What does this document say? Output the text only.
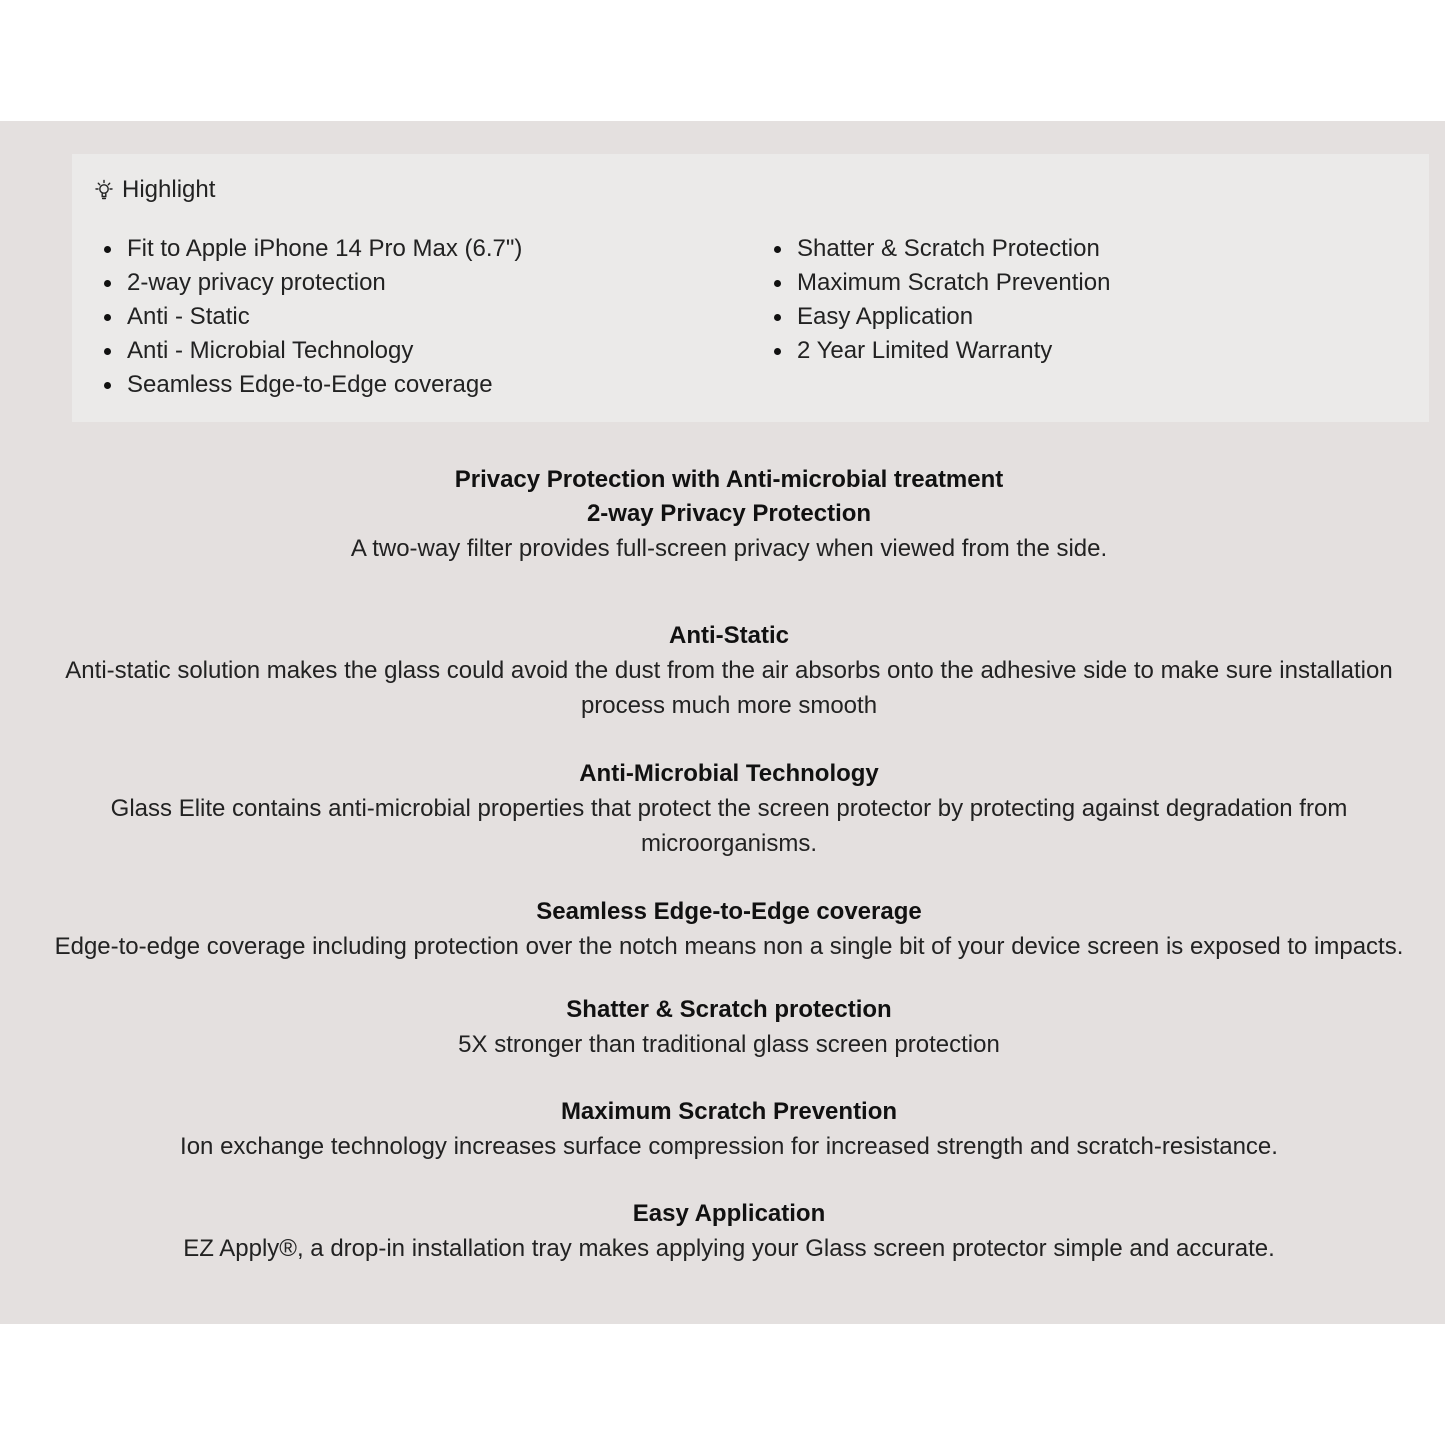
Highlight
Fit to Apple iPhone 14 Pro Max (6.7")
2-way privacy protection
Anti - Static
Anti - Microbial Technology
Seamless Edge-to-Edge coverage
Shatter & Scratch Protection
Maximum Scratch Prevention
Easy Application
2 Year Limited Warranty
Privacy Protection with Anti-microbial treatment
2-way Privacy Protection

A two-way filter provides full-screen privacy when viewed from the side.

Anti-Static

Anti-static solution makes the glass could avoid the dust from the air absorbs onto the adhesive side to make sure installation process much more smooth

Anti-Microbial Technology

Glass Elite contains anti-microbial properties that protect the screen protector by protecting against degradation from microorganisms.

Seamless Edge-to-Edge coverage

Edge-to-edge coverage including protection over the notch means non a single bit of your device screen is exposed to impacts.

Shatter & Scratch protection

5X stronger than traditional glass screen protection

Maximum Scratch Prevention

Ion exchange technology increases surface compression for increased strength and scratch-resistance.

Easy Application

EZ Apply®, a drop-in installation tray makes applying your Glass screen protector simple and accurate.
